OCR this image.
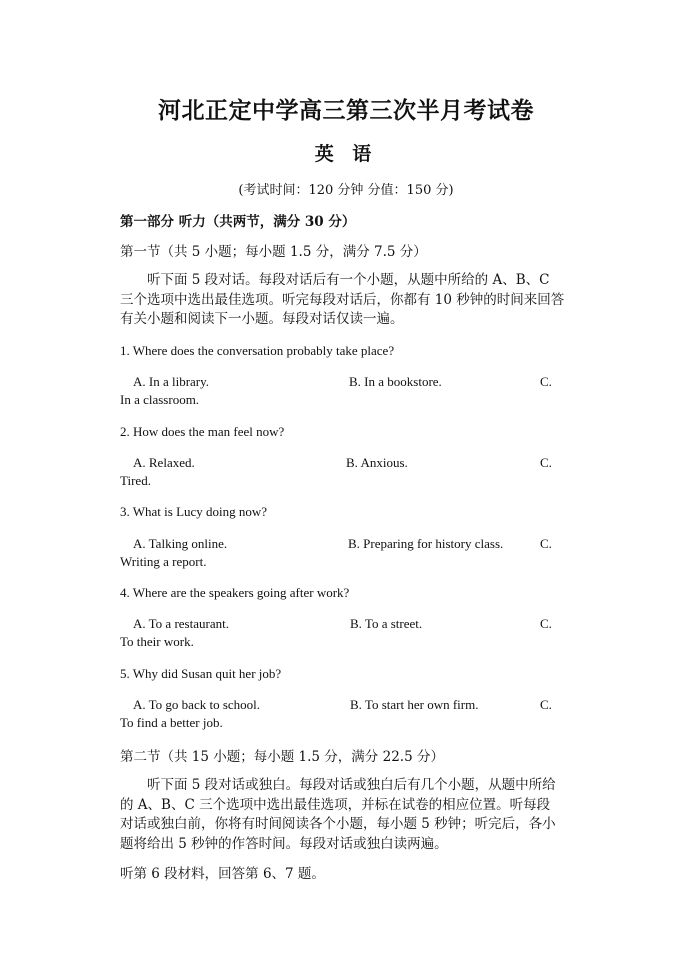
河北正定中学高三第三次半月考试卷
英 语
(考试时间：120 分钟 分值：150 分)
第一部分 听力（共两节，满分 30 分）
第一节（共 5 小题；每小题 1.5 分，满分 7.5 分）
听下面 5 段对话。每段对话后有一个小题，从题中所给的 A、B、C
三个选项中选出最佳选项。听完每段对话后，你都有 10 秒钟的时间来回答
有关小题和阅读下一小题。每段对话仅读一遍。
1. Where does the conversation probably take place?
A. In a library.	B. In a bookstore.	C.
In a classroom.
2. How does the man feel now?
A. Relaxed.	B. Anxious.	C.
Tired.
3. What is Lucy doing now?
A. Talking online.	B. Preparing for history class.	C.
Writing a report.
4. Where are the speakers going after work?
A. To a restaurant.	B. To a street.	C.
To their work.
5. Why did Susan quit her job?
A. To go back to school.	B. To start her own firm.	C.
To find a better job.
第二节（共 15 小题；每小题 1.5 分，满分 22.5 分）
听下面 5 段对话或独白。每段对话或独白后有几个小题，从题中所给
的 A、B、C 三个选项中选出最佳选项，并标在试卷的相应位置。听每段
对话或独白前，你将有时间阅读各个小题，每小题 5 秒钟；听完后，各小
题将给出 5 秒钟的作答时间。每段对话或独白读两遍。
听第 6 段材料，回答第 6、7 题。
